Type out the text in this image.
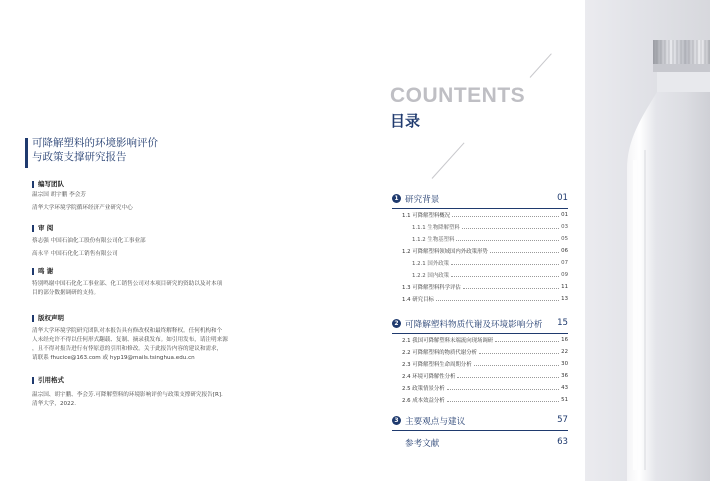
可降解塑料的环境影响评价
与政策支撑研究报告
编写团队
温宗国 胡宇鹏 李会芳
清华大学环境学院循环经济产业研究中心
审 阅
蔡志强 中国石油化工股份有限公司化工事业部
高永平 中国石化化工销售有限公司
鸣 谢
特别鸣谢中国石化化工事业部、化工销售公司对本项目研究的资助以及对本项
目的部分数据调研的支持。
版权声明
清华大学环境学院研究团队对本报告具有修改权和最终解释权。任何机构和个
人未经允许不得以任何形式翻载、复制、摘录我发布。如引用发布，请注明来源
，且不得对报告进行有悖原意的引用和修改。关于此报告内容的建议和需求，
请联系 fhucice@163.com 或 hyp19@mails.tsinghua.edu.cn
引用格式
温宗国、胡宇鹏、李会芳.可降解塑料的环境影响评价与政策支撑研究报告[R].
清华大学，2022.
COUNTENTS
目录
1 研究背景	01
1.1 可降解塑料概况	01
1.1.1 生物降解塑料	03
1.1.2 生物基塑料	05
1.2 可降解塑料领域国内外政策形势	06
1.2.1 国外政策	07
1.2.2 国内政策	09
1.3 可降解塑料科学评估	11
1.4 研究目标	13
2 可降解塑料物质代谢及环境影响分析 15
2.1 我国可降解塑料末端流向现场调研	16
2.2 可降解塑料的物质代谢分析	22
2.3 可降解塑料生命周期分析	30
2.4 环境可降解性分析	36
2.5 政策情景分析	43
2.6 成本效益分析	51
3 主要观点与建议	57
参考文献	63
